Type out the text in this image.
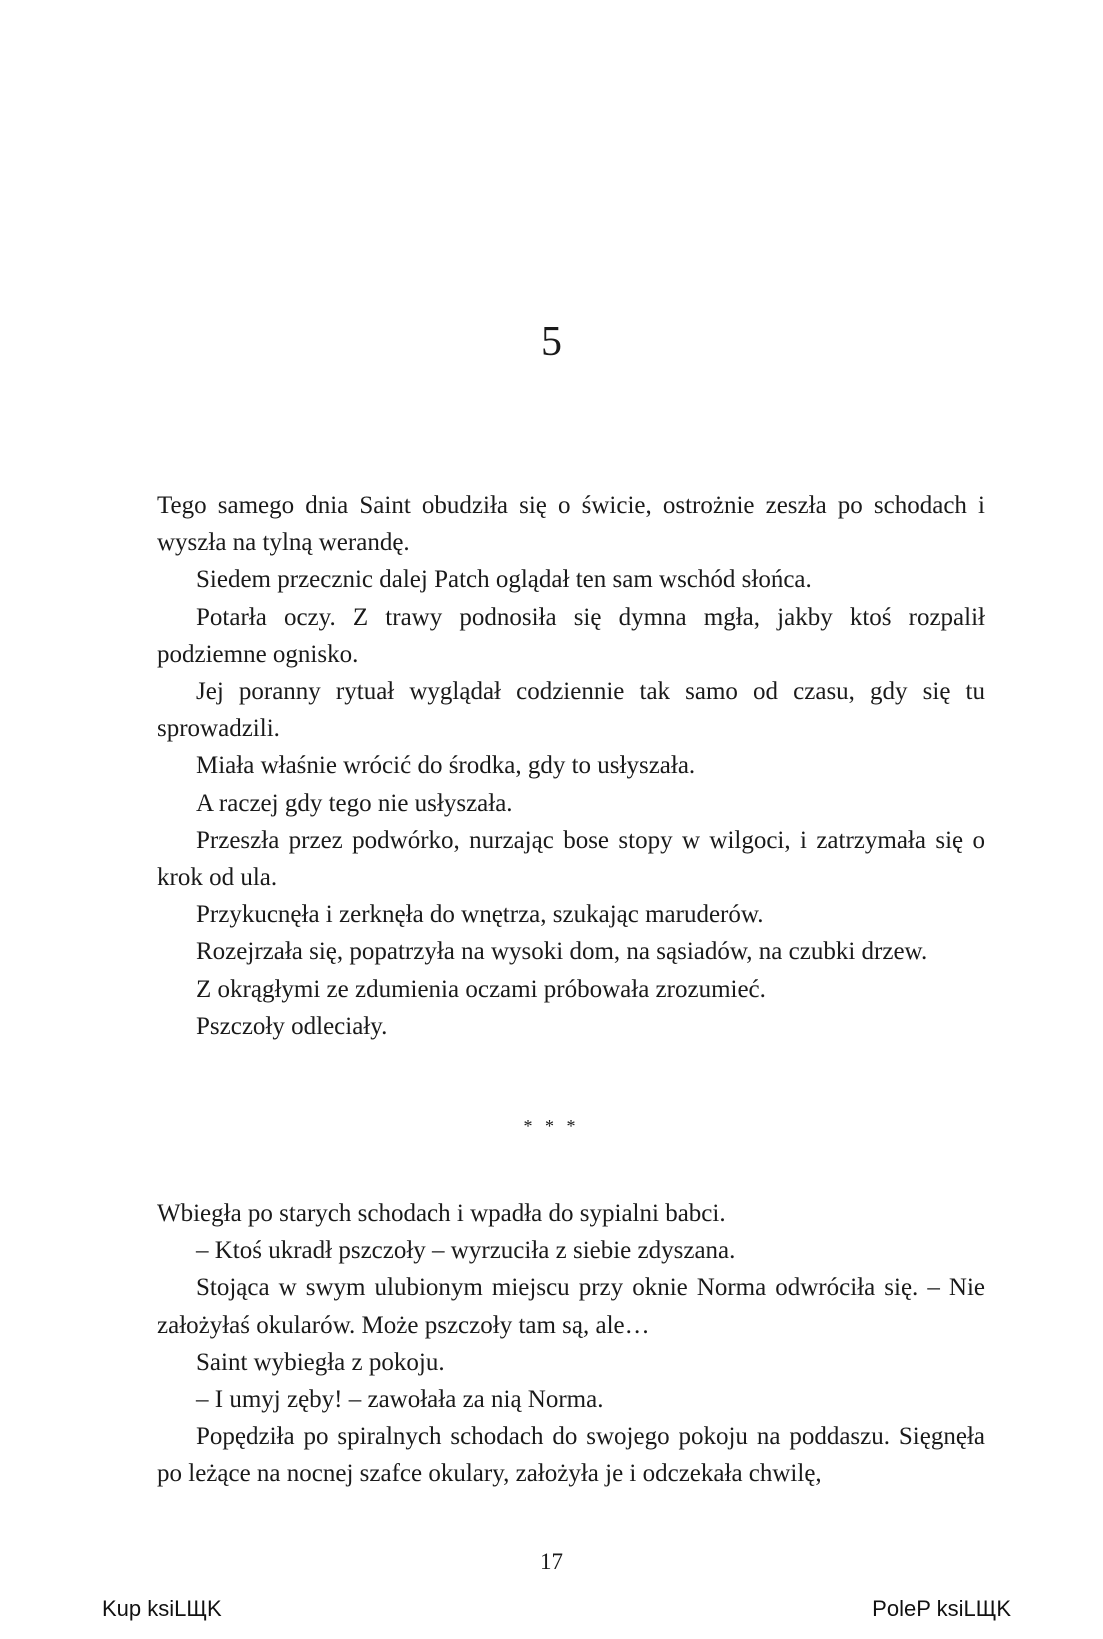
5

Tego samego dnia Saint obudziła się o świcie, ostrożnie zeszła po schodach i wyszła na tylną werandę.

Siedem przecznic dalej Patch oglądał ten sam wschód słońca.

Potarła oczy. Z trawy podnosiła się dymna mgła, jakby ktoś rozpalił podziemne ognisko.

Jej poranny rytuał wyglądał codziennie tak samo od czasu, gdy się tu sprowadzili.

Miała właśnie wrócić do środka, gdy to usłyszała.

A raczej gdy tego nie usłyszała.

Przeszła przez podwórko, nurzając bose stopy w wilgoci, i zatrzymała się o krok od ula.

Przykucnęła i zerknęła do wnętrza, szukając maruderów.

Rozejrzała się, popatrzyła na wysoki dom, na sąsiadów, na czubki drzew.

Z okrągłymi ze zdumienia oczami próbowała zrozumieć.

Pszczoły odleciały.

* * *

Wbiegła po starych schodach i wpadła do sypialni babci.

– Ktoś ukradł pszczoły – wyrzuciła z siebie zdyszana.

Stojąca w swym ulubionym miejscu przy oknie Norma odwróciła się. – Nie założyłaś okularów. Może pszczoły tam są, ale…

Saint wybiegła z pokoju.

– I umyj zęby! – zawołała za nią Norma.

Popędziła po spiralnych schodach do swojego pokoju na poddaszu. Sięgnęła po leżące na nocnej szafce okulary, założyła je i odczekała chwilę,

17
Kup ksiLЩK	PoleP ksiLЩK
